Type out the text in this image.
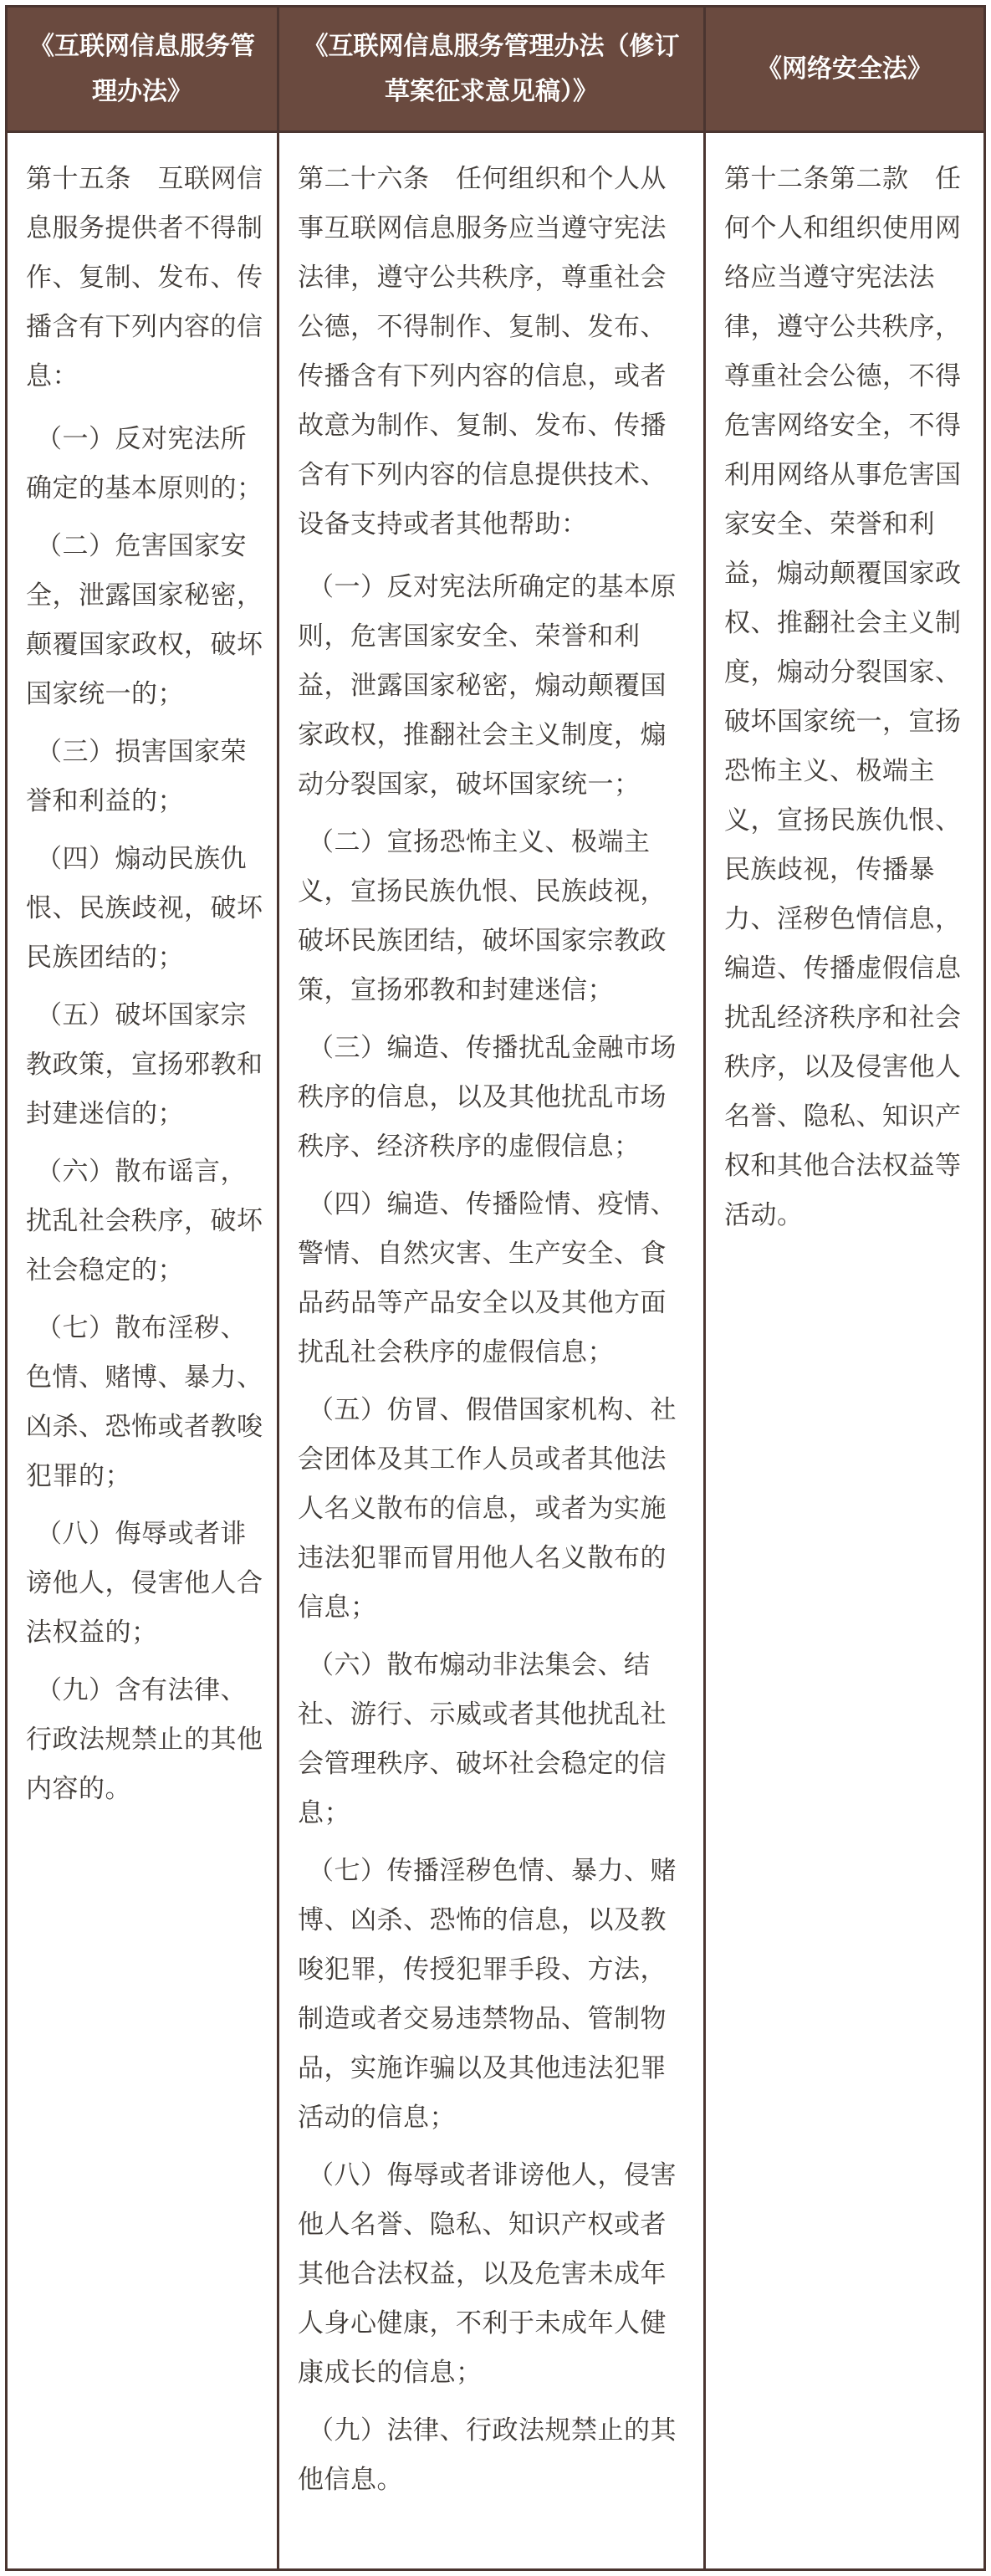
《互联网信息服务管理办法》
《互联网信息服务管理办法（修订草案征求意见稿）》
《网络安全法》

第十五条　互联网信息服务提供者不得制作、复制、发布、传播含有下列内容的信息：

（一）反对宪法所确定的基本原则的；

（二）危害国家安全，泄露国家秘密，颠覆国家政权，破坏国家统一的；

（三）损害国家荣誉和利益的；

（四）煽动民族仇恨、民族歧视，破坏民族团结的；

（五）破坏国家宗教政策，宣扬邪教和封建迷信的；

（六）散布谣言，扰乱社会秩序，破坏社会稳定的；

（七）散布淫秽、色情、赌博、暴力、凶杀、恐怖或者教唆犯罪的；

（八）侮辱或者诽谤他人，侵害他人合法权益的；

（九）含有法律、行政法规禁止的其他内容的。

第二十六条　任何组织和个人从事互联网信息服务应当遵守宪法法律，遵守公共秩序，尊重社会公德，不得制作、复制、发布、传播含有下列内容的信息，或者故意为制作、复制、发布、传播含有下列内容的信息提供技术、设备支持或者其他帮助：

（一）反对宪法所确定的基本原则，危害国家安全、荣誉和利益，泄露国家秘密，煽动颠覆国家政权，推翻社会主义制度，煽动分裂国家，破坏国家统一；

（二）宣扬恐怖主义、极端主义，宣扬民族仇恨、民族歧视，破坏民族团结，破坏国家宗教政策，宣扬邪教和封建迷信；

（三）编造、传播扰乱金融市场秩序的信息，以及其他扰乱市场秩序、经济秩序的虚假信息；

（四）编造、传播险情、疫情、警情、自然灾害、生产安全、食品药品等产品安全以及其他方面扰乱社会秩序的虚假信息；

（五）仿冒、假借国家机构、社会团体及其工作人员或者其他法人名义散布的信息，或者为实施违法犯罪而冒用他人名义散布的信息；

（六）散布煽动非法集会、结社、游行、示威或者其他扰乱社会管理秩序、破坏社会稳定的信息；

（七）传播淫秽色情、暴力、赌博、凶杀、恐怖的信息，以及教唆犯罪，传授犯罪手段、方法，制造或者交易违禁物品、管制物品，实施诈骗以及其他违法犯罪活动的信息；

（八）侮辱或者诽谤他人，侵害他人名誉、隐私、知识产权或者其他合法权益，以及危害未成年人身心健康，不利于未成年人健康成长的信息；

（九）法律、行政法规禁止的其他信息。

第十二条第二款　任何个人和组织使用网络应当遵守宪法法律，遵守公共秩序，尊重社会公德，不得危害网络安全，不得利用网络从事危害国家安全、荣誉和利益，煽动颠覆国家政权、推翻社会主义制度，煽动分裂国家、破坏国家统一，宣扬恐怖主义、极端主义，宣扬民族仇恨、民族歧视，传播暴力、淫秽色情信息，编造、传播虚假信息扰乱经济秩序和社会秩序，以及侵害他人名誉、隐私、知识产权和其他合法权益等活动。
